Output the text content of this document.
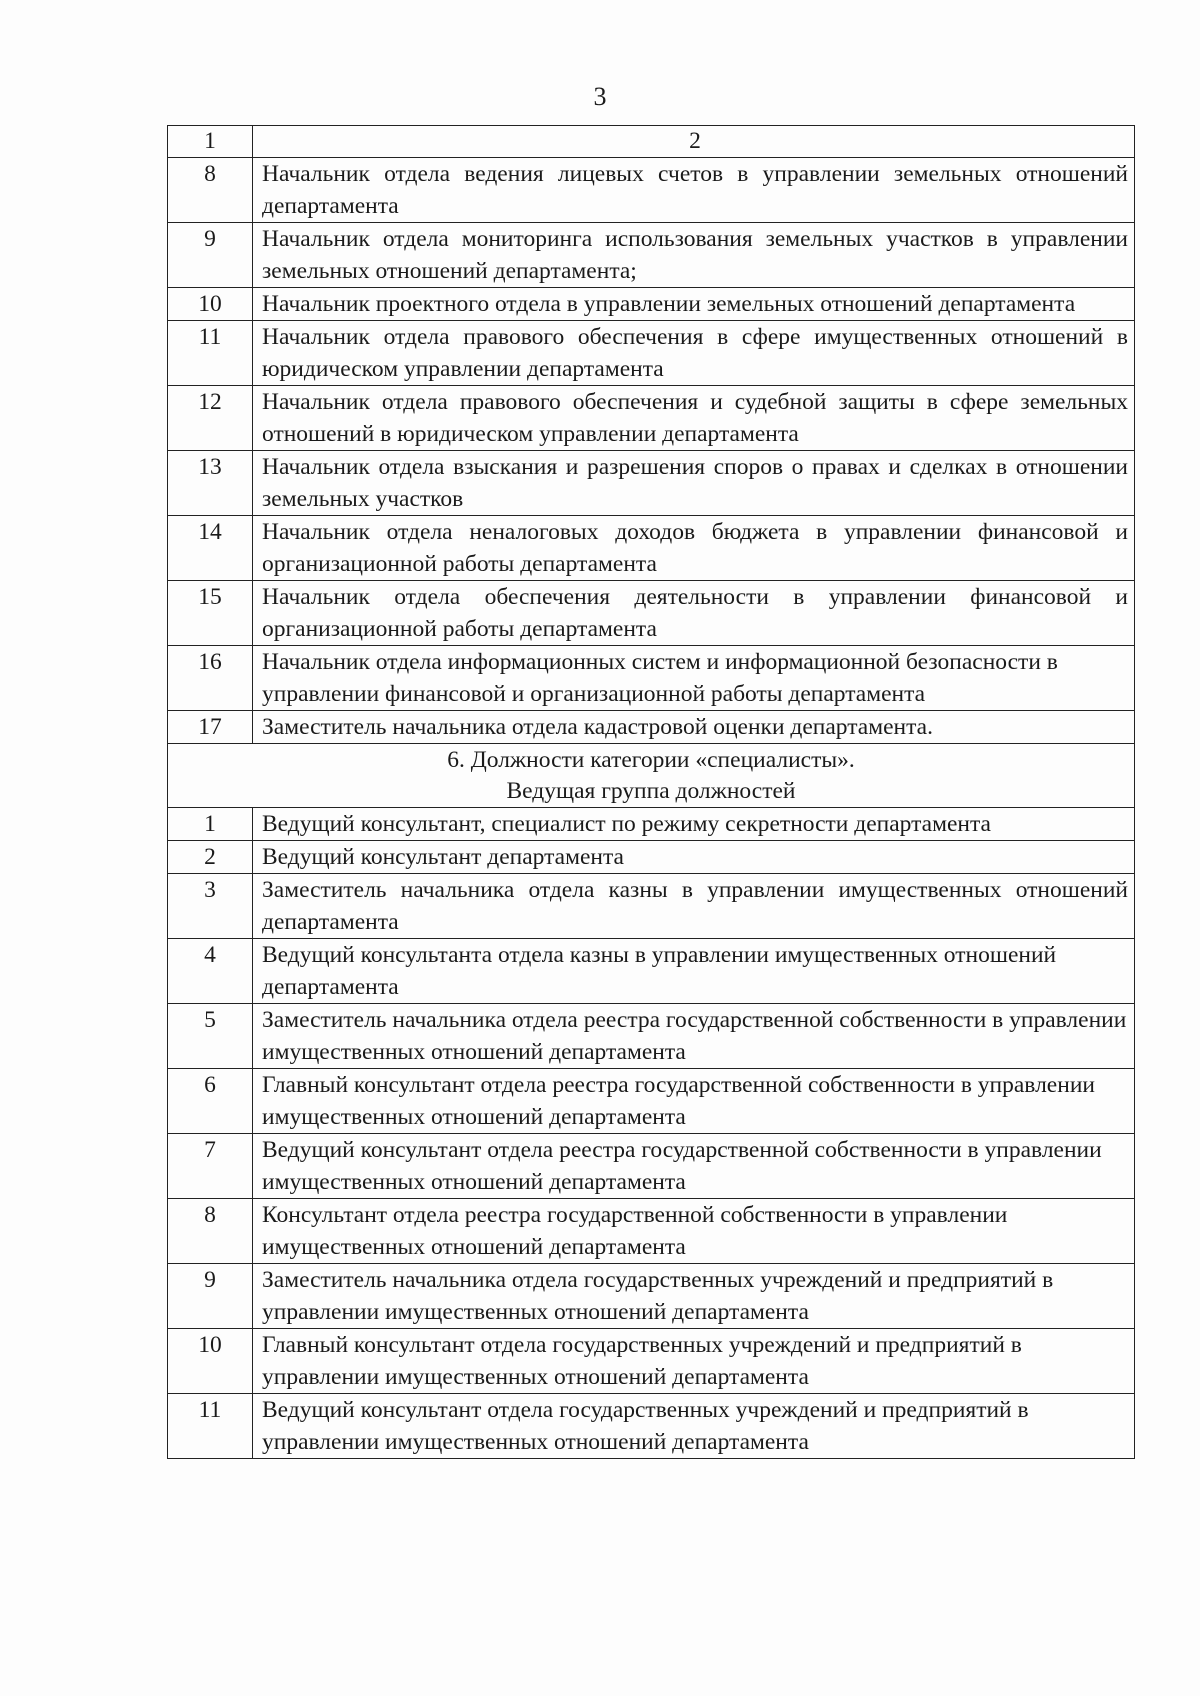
3
1	2
8	Начальник отдела ведения лицевых счетов в управлении земельных отношений департамента
9	Начальник отдела мониторинга использования земельных участков в управлении земельных отношений департамента;
10	Начальник проектного отдела в управлении земельных отношений департамента
11	Начальник отдела правового обеспечения в сфере имущественных отношений в юридическом управлении департамента
12	Начальник отдела правового обеспечения и судебной защиты в сфере земельных отношений в юридическом управлении департамента
13	Начальник отдела взыскания и разрешения споров о правах и сделках в отношении земельных участков
14	Начальник отдела неналоговых доходов бюджета в управлении финансовой и организационной работы департамента
15	Начальник отдела обеспечения деятельности в управлении финансовой и организационной работы департамента
16	Начальник отдела информационных систем и информационной безопасности в управлении финансовой и организационной работы департамента
17	Заместитель начальника отдела кадастровой оценки департамента.

6. Должности категории «специалисты».
Ведущая группа должностей	

1	Ведущий консультант, специалист по режиму секретности департамента
2	Ведущий консультант департамента
3	Заместитель начальника отдела казны в управлении имущественных отношений департамента
4	Ведущий консультанта отдела казны в управлении имущественных отношений департамента
5	Заместитель начальника отдела реестра государственной собственности в управлении имущественных отношений департамента
6	Главный консультант отдела реестра государственной собственности в управлении имущественных отношений департамента
7	Ведущий консультант отдела реестра государственной собственности в управлении имущественных отношений департамента
8	Консультант отдела реестра государственной собственности в управлении имущественных отношений департамента
9	Заместитель начальника отдела государственных учреждений и предприятий в управлении имущественных отношений департамента
10	Главный консультант отдела государственных учреждений и предприятий в управлении имущественных отношений департамента
11	Ведущий консультант отдела государственных учреждений и предприятий в управлении имущественных отношений департамента
